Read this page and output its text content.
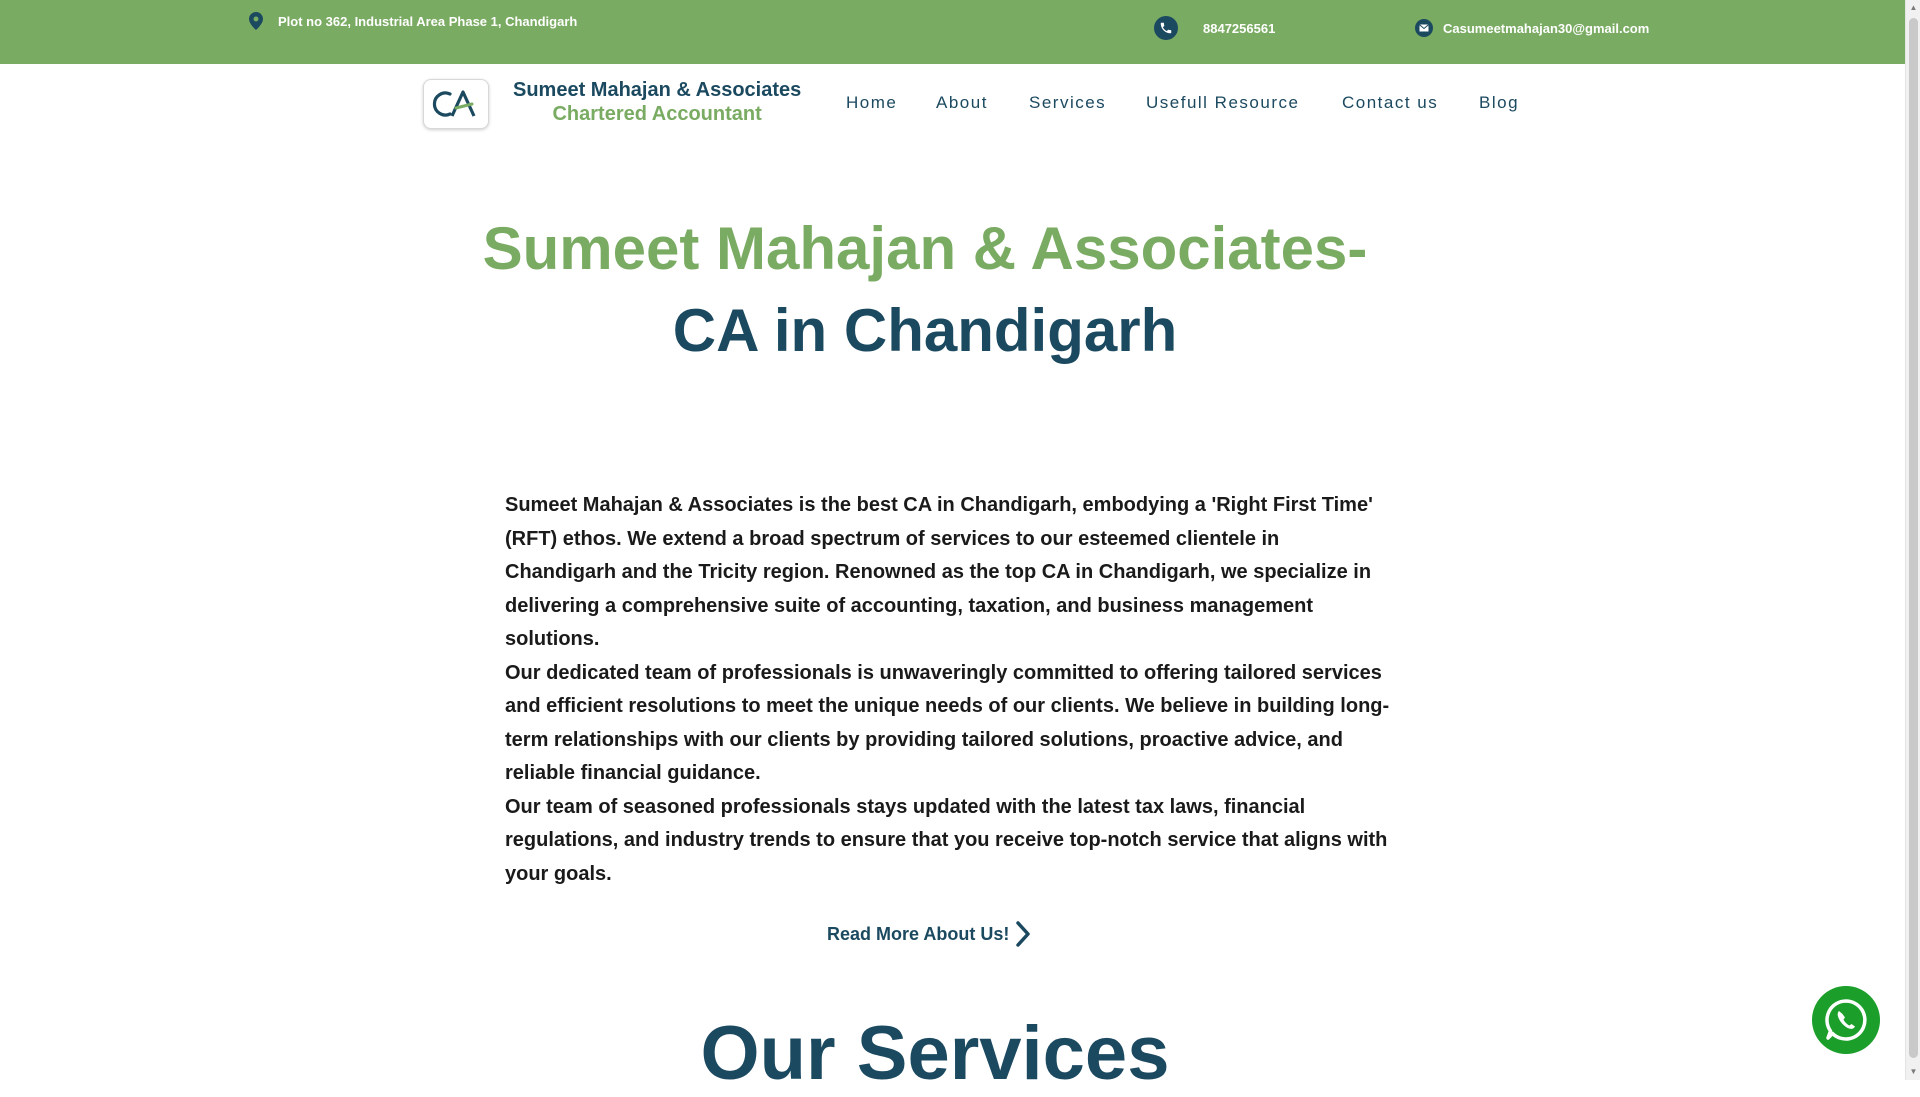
Plot no 362, Industrial Area Phase 1, Chandigarh	8847256561	Casumeetmahajan30@gmail.com
Sumeet Mahajan & Associates
Chartered Accountant
Home About Services Usefull Resource	Contact us Blog
Sumeet Mahajan & Associates-
CA in Chandigarh

Sumeet Mahajan & Associates is the best CA in Chandigarh, embodying a 'Right First Time' (RFT) ethos. We extend a broad spectrum of services to our esteemed clientele in Chandigarh and the Tricity region. Renowned as the top CA in Chandigarh, we specialize in delivering a comprehensive suite of accounting, taxation, and business management solutions.

Our dedicated team of professionals is unwaveringly committed to offering tailored services and efficient resolutions to meet the unique needs of our clients. We believe in building long-term relationships with our clients by providing tailored solutions, proactive advice, and reliable financial guidance.

Our team of seasoned professionals stays updated with the latest tax laws, financial regulations, and industry trends to ensure that you receive top-notch service that aligns with your goals.

Read More About Us!
Our Services
▲
▼
